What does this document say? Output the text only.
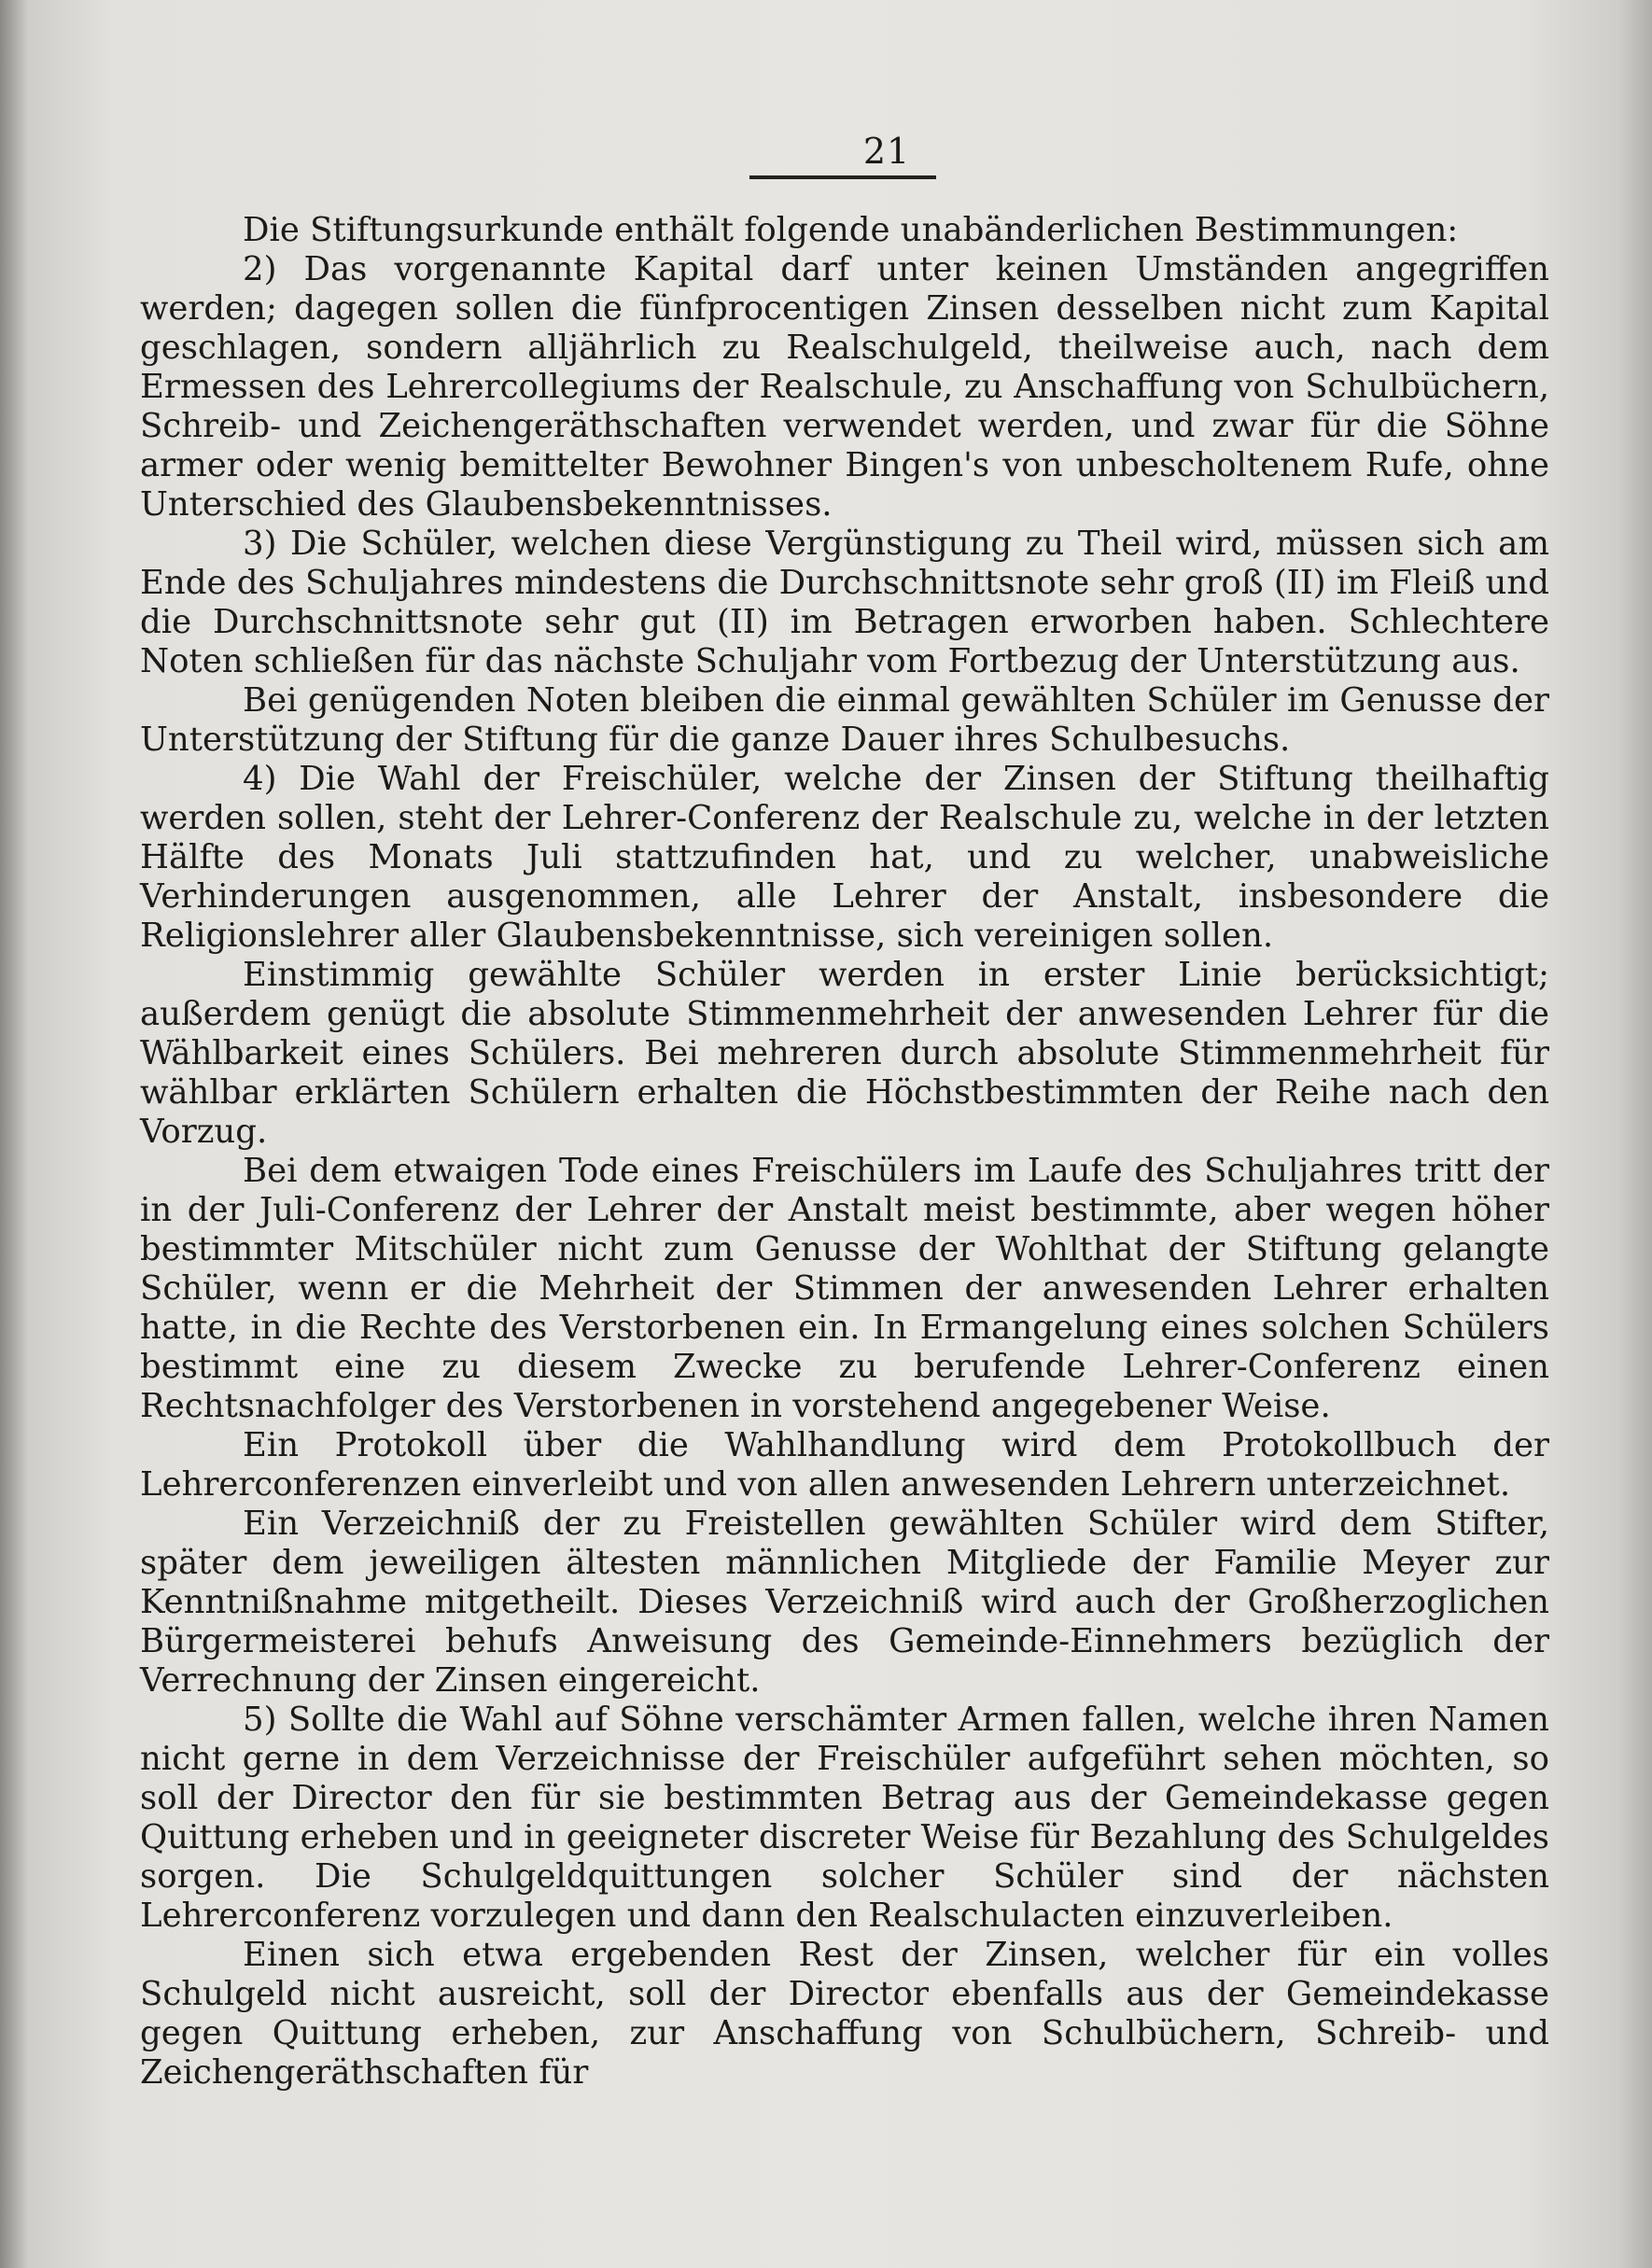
21

Die Stiftungsurkunde enthält folgende unabänderlichen Bestimmungen:

2) Das vorgenannte Kapital darf unter keinen Umständen angegriffen werden; dagegen sollen die fünfprocentigen Zinsen desselben nicht zum Kapital geschlagen, sondern alljährlich zu Realschulgeld, theilweise auch, nach dem Ermessen des Lehrercollegiums der Realschule, zu Anschaffung von Schulbüchern, Schreib- und Zeichengeräthschaften verwendet werden, und zwar für die Söhne armer oder wenig bemittelter Bewohner Bingen's von unbescholtenem Rufe, ohne Unterschied des Glaubensbekenntnisses.

3) Die Schüler, welchen diese Vergünstigung zu Theil wird, müssen sich am Ende des Schuljahres mindestens die Durchschnittsnote sehr groß (II) im Fleiß und die Durchschnittsnote sehr gut (II) im Betragen erworben haben. Schlechtere Noten schließen für das nächste Schuljahr vom Fortbezug der Unterstützung aus.

Bei genügenden Noten bleiben die einmal gewählten Schüler im Genusse der Unterstützung der Stiftung für die ganze Dauer ihres Schulbesuchs.

4) Die Wahl der Freischüler, welche der Zinsen der Stiftung theilhaftig werden sollen, steht der Lehrer-Conferenz der Realschule zu, welche in der letzten Hälfte des Monats Juli stattzufinden hat, und zu welcher, unabweisliche Verhinderungen ausgenommen, alle Lehrer der Anstalt, insbesondere die Religionslehrer aller Glaubensbekenntnisse, sich vereinigen sollen.

Einstimmig gewählte Schüler werden in erster Linie berücksichtigt; außerdem genügt die absolute Stimmenmehrheit der anwesenden Lehrer für die Wählbarkeit eines Schülers. Bei mehreren durch absolute Stimmenmehrheit für wählbar erklärten Schülern erhalten die Höchstbestimmten der Reihe nach den Vorzug.

Bei dem etwaigen Tode eines Freischülers im Laufe des Schuljahres tritt der in der Juli-Conferenz der Lehrer der Anstalt meist bestimmte, aber wegen höher bestimmter Mitschüler nicht zum Genusse der Wohlthat der Stiftung gelangte Schüler, wenn er die Mehrheit der Stimmen der anwesenden Lehrer erhalten hatte, in die Rechte des Verstorbenen ein. In Ermangelung eines solchen Schülers bestimmt eine zu diesem Zwecke zu berufende Lehrer-Conferenz einen Rechtsnachfolger des Verstorbenen in vorstehend angegebener Weise.

Ein Protokoll über die Wahlhandlung wird dem Protokollbuch der Lehrerconferenzen einverleibt und von allen anwesenden Lehrern unterzeichnet.

Ein Verzeichniß der zu Freistellen gewählten Schüler wird dem Stifter, später dem jeweiligen ältesten männlichen Mitgliede der Familie Meyer zur Kenntnißnahme mitgetheilt. Dieses Verzeichniß wird auch der Großherzoglichen Bürgermeisterei behufs Anweisung des Gemeinde-Einnehmers bezüglich der Verrechnung der Zinsen eingereicht.

5) Sollte die Wahl auf Söhne verschämter Armen fallen, welche ihren Namen nicht gerne in dem Verzeichnisse der Freischüler aufgeführt sehen möchten, so soll der Director den für sie bestimmten Betrag aus der Gemeindekasse gegen Quittung erheben und in geeigneter discreter Weise für Bezahlung des Schulgeldes sorgen. Die Schulgeldquittungen solcher Schüler sind der nächsten Lehrerconferenz vorzulegen und dann den Realschulacten einzuverleiben.

Einen sich etwa ergebenden Rest der Zinsen, welcher für ein volles Schulgeld nicht ausreicht, soll der Director ebenfalls aus der Gemeindekasse gegen Quittung erheben, zur Anschaffung von Schulbüchern, Schreib- und Zeichengeräthschaften für
